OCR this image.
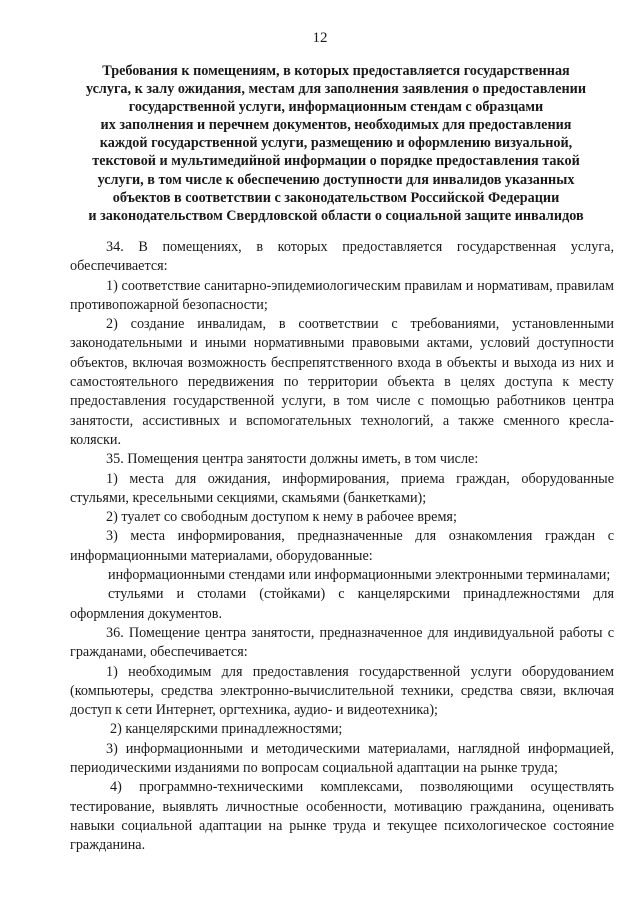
12
Требования к помещениям, в которых предоставляется государственная
услуга, к залу ожидания, местам для заполнения заявления о предоставлении
государственной услуги, информационным стендам с образцами
их заполнения и перечнем документов, необходимых для предоставления
каждой государственной услуги, размещению и оформлению визуальной,
текстовой и мультимедийной информации о порядке предоставления такой
услуги, в том числе к обеспечению доступности для инвалидов указанных
объектов в соответствии с законодательством Российской Федерации
и законодательством Свердловской области о социальной защите инвалидов

34. В помещениях, в которых предоставляется государственная услуга, обеспечивается:

1) соответствие санитарно-эпидемиологическим правилам и нормативам, правилам противопожарной безопасности;

2) создание инвалидам, в соответствии с требованиями, установленными законодательными и иными нормативными правовыми актами, условий доступности объектов, включая возможность беспрепятственного входа в объекты и выхода из них и самостоятельного передвижения по территории объекта в целях доступа к месту предоставления государственной услуги, в том числе с помощью работников центра занятости, ассистивных и вспомогательных технологий, а также сменного кресла-коляски.

35. Помещения центра занятости должны иметь, в том числе:

1) места для ожидания, информирования, приема граждан, оборудованные стульями, кресельными секциями, скамьями (банкетками);

2) туалет со свободным доступом к нему в рабочее время;

3) места информирования, предназначенные для ознакомления граждан с информационными материалами, оборудованные:

информационными стендами или информационными электронными терминалами;

стульями и столами (стойками) с канцелярскими принадлежностями для оформления документов.

36. Помещение центра занятости, предназначенное для индивидуальной работы с гражданами, обеспечивается:

1) необходимым для предоставления государственной услуги оборудованием (компьютеры, средства электронно-вычислительной техники, средства связи, включая доступ к сети Интернет, оргтехника, аудио- и видеотехника);

2) канцелярскими принадлежностями;

3) информационными и методическими материалами, наглядной информацией, периодическими изданиями по вопросам социальной адаптации на рынке труда;

4) программно-техническими комплексами, позволяющими осуществлять тестирование, выявлять личностные особенности, мотивацию гражданина, оценивать навыки социальной адаптации на рынке труда и текущее психологическое состояние гражданина.
